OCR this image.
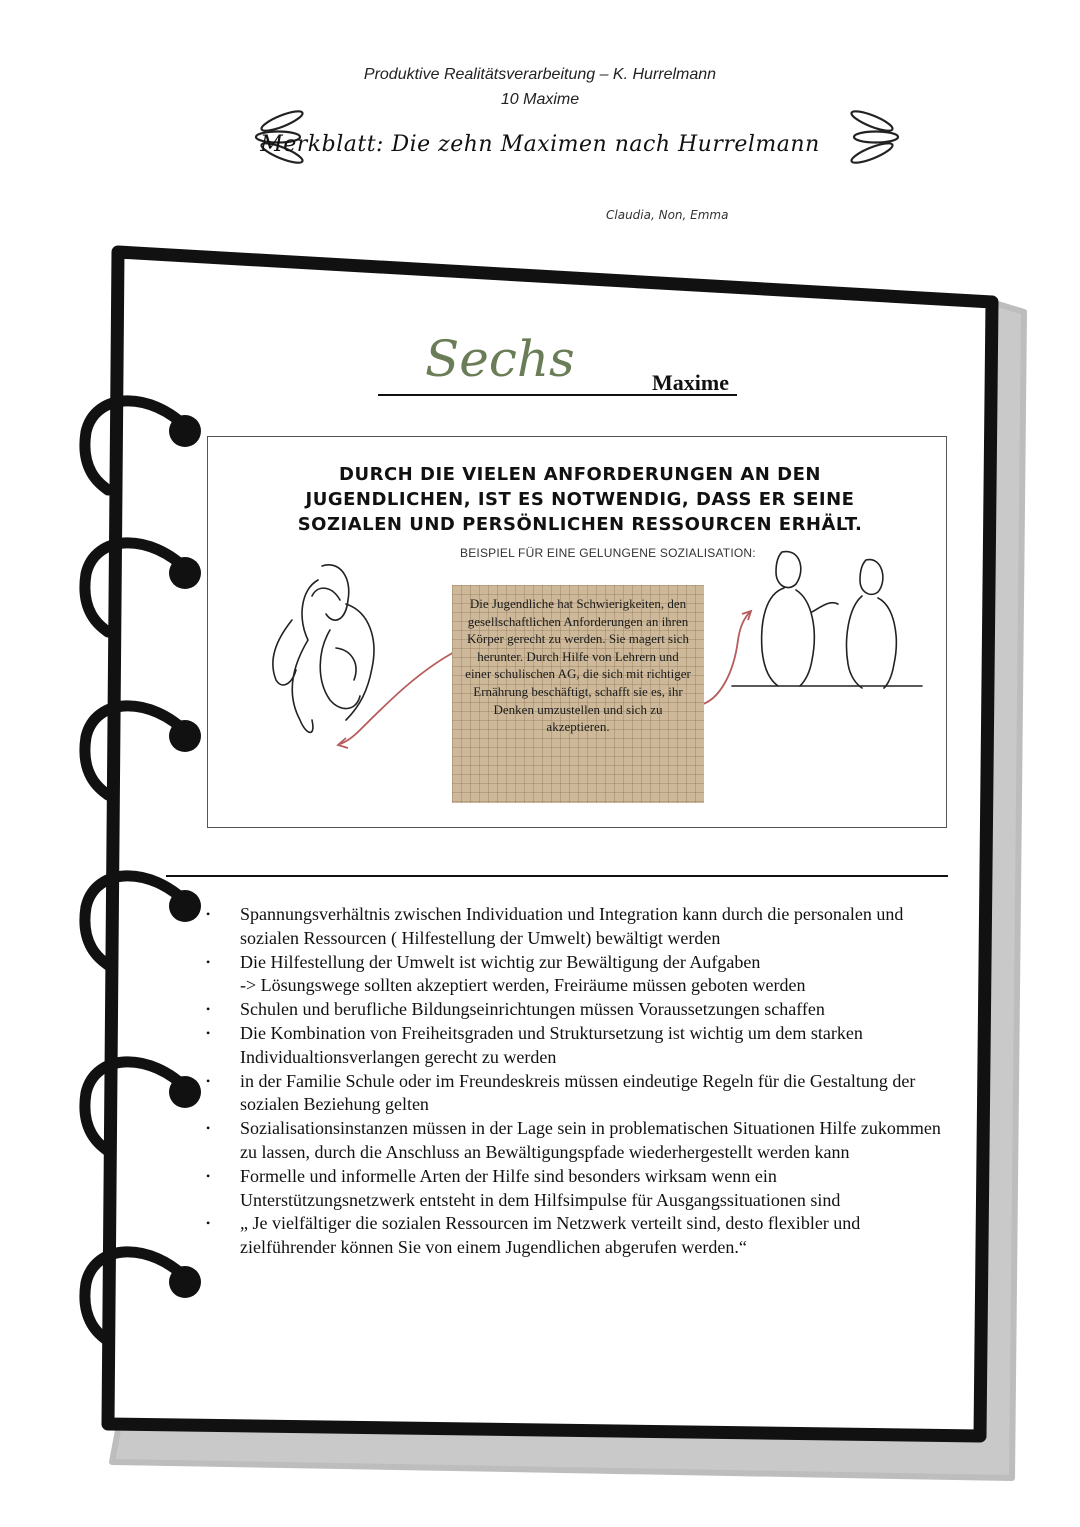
Produktive Realitätsverarbeitung – K. Hurrelmann
10 Maxime
Merkblatt: Die zehn Maximen nach Hurrelmann
Claudia, Non, Emma
Sechs	Maxime
DURCH DIE VIELEN ANFORDERUNGEN AN DEN JUGENDLICHEN, IST ES NOTWENDIG, DASS ER SEINE SOZIALEN UND PERSÖNLICHEN RESSOURCEN ERHÄLT.
BEISPIEL FÜR EINE GELUNGENE SOZIALISATION:
Die Jugendliche hat Schwierigkeiten, den gesellschaftlichen Anforderungen an ihren Körper gerecht zu werden. Sie magert sich herunter. Durch Hilfe von Lehrern und einer schulischen AG, die sich mit richtiger Ernährung beschäftigt, schafft sie es, ihr Denken umzustellen und sich zu akzeptieren.
• Spannungsverhältnis zwischen Individuation und Integration kann durch die personalen und sozialen Ressourcen ( Hilfestellung der Umwelt) bewältigt werden
• Die Hilfestellung der Umwelt ist wichtig zur Bewältigung der Aufgaben
-> Lösungswege sollten akzeptiert werden, Freiräume müssen geboten werden
• Schulen und berufliche Bildungseinrichtungen müssen Voraussetzungen schaffen
• Die Kombination von Freiheitsgraden und Struktursetzung ist wichtig um dem starken Individualtionsverlangen gerecht zu werden
• in der Familie Schule oder im Freundeskreis müssen eindeutige Regeln für die Gestaltung der sozialen Beziehung gelten
• Sozialisationsinstanzen müssen in der Lage sein in problematischen Situationen Hilfe zukommen zu lassen, durch die Anschluss an Bewältigungspfade wiederhergestellt werden kann
• Formelle und informelle Arten der Hilfe sind besonders wirksam wenn ein Unterstützungsnetzwerk entsteht in dem Hilfsimpulse für Ausgangssituationen sind
• „ Je vielfältiger die sozialen Ressourcen im Netzwerk verteilt sind, desto flexibler und zielführender können Sie von einem Jugendlichen abgerufen werden.“
